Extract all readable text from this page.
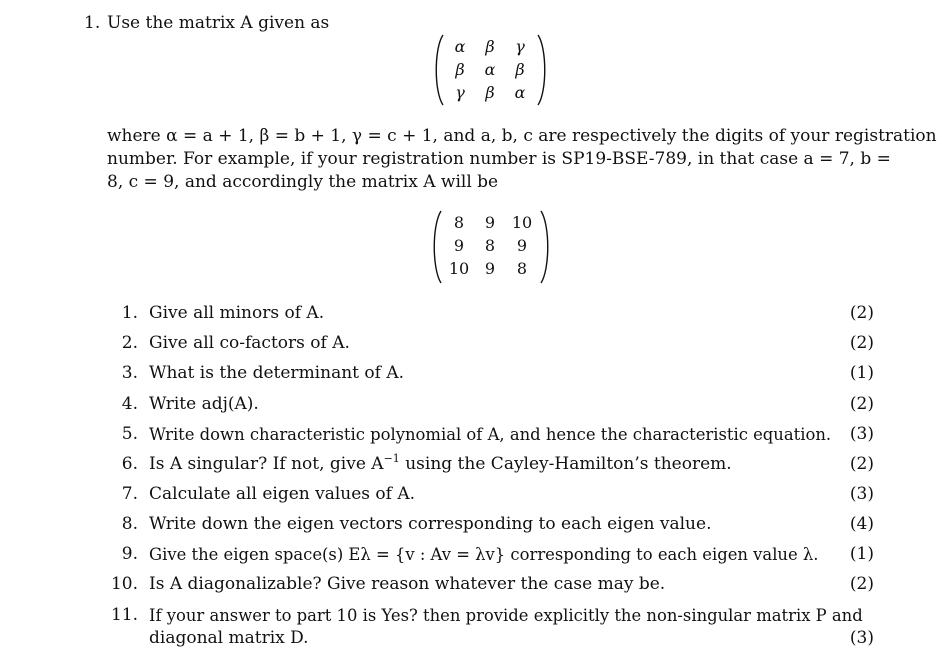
1. Use the matrix A given as
α	β	γ
β	α	β
γ	β	α
where α = a + 1, β = b + 1, γ = c + 1, and a, b, c are respectively the digits of your registration
number. For example, if your registration number is SP19-BSE-789, in that case a = 7, b =
8, c = 9, and accordingly the matrix A will be
8	9	10
9	8	9
10 9	8
1. Give all minors of A.	(2)
2. Give all co-factors of A.	(2)
3. What is the determinant of A.	(1)
4. Write adj(A).	(2)
5. Write down characteristic polynomial of A, and hence the characteristic equation. (3)
6. Is A singular? If not, give $A^{-1}$ using the Cayley-Hamilton’s theorem.	(2)
7. Calculate all eigen values of A.	(3)
8. Write down the eigen vectors corresponding to each eigen value.	(4)
9. Give the eigen space(s) Eλ = {v : Av = λv} corresponding to each eigen value λ. (1)
10. Is A diagonalizable? Give reason whatever the case may be.	(2)
11. If your answer to part 10 is Yes? then provide explicitly the non-singular matrix P and
diagonal matrix D.	(3)
